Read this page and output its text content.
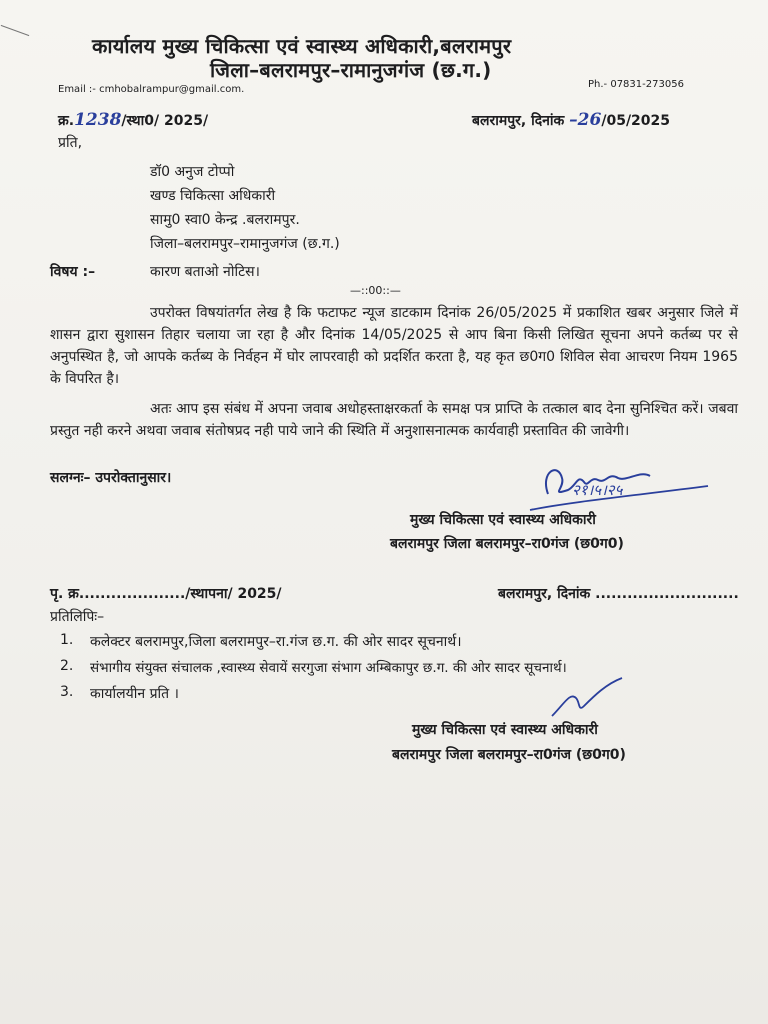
कार्यालय मुख्य चिकित्सा एवं स्वास्थ्य अधिकारी,बलरामपुर
जिला–बलरामपुर–रामानुजगंज (छ.ग.)
Email :- cmhobalrampur@gmail.com.	Ph.- 07831-273056
क्र.1238/स्था0/ 2025/	बलरामपुर, दिनांक –26/05/2025
प्रति,
डॉ0 अनुज टोप्पो
खण्ड चिकित्सा अधिकारी
सामु0 स्वा0 केन्द्र .बलरामपुर.
जिला–बलरामपुर–रामानुजगंज (छ.ग.)
विषय :–	कारण बताओ नोटिस।
—::00::—
उपरोक्त विषयांतर्गत लेख है कि फटाफट न्यूज डाटकाम दिनांक 26/05/2025 में प्रकाशित खबर अनुसार जिले में शासन द्वारा सुशासन तिहार चलाया जा रहा है और दिनांक 14/05/2025 से आप बिना किसी लिखित सूचना अपने कर्तब्य पर से अनुपस्थित है, जो आपके कर्तब्य के निर्वहन में घोर लापरवाही को प्रदर्शित करता है, यह कृत छ0ग0 शिविल सेवा आचरण नियम 1965 के विपरित है।
अतः आप इस संबंध में अपना जवाब अधोहस्ताक्षरकर्ता के समक्ष पत्र प्राप्ति के तत्काल बाद देना सुनिश्चित करें। जबवा प्रस्तुत नही करने अथवा जवाब संतोषप्रद नही पाये जाने की स्थिति में अनुशासनात्मक कार्यवाही प्रस्तावित की जावेगी।
सलग्नः– उपरोक्तानुसार।
२१।५।२५
मुख्य चिकित्सा एवं स्वास्थ्य अधिकारी
बलरामपुर जिला बलरामपुर–रा0गंज (छ0ग0)
पृ. क्र..................../स्थापना/ 2025/	बलरामपुर, दिनांक ...........................
प्रतिलिपिः–
1. कलेक्टर बलरामपुर,जिला बलरामपुर–रा.गंज छ.ग. की ओर सादर सूचनार्थ।
2. संभागीय संयुक्त संचालक ,स्वास्थ्य सेवायें सरगुजा संभाग अम्बिकापुर छ.ग. की ओर सादर सूचनार्थ।
3. कार्यालयीन प्रति ।
मुख्य चिकित्सा एवं स्वास्थ्य अधिकारी
बलरामपुर जिला बलरामपुर–रा0गंज (छ0ग0)
